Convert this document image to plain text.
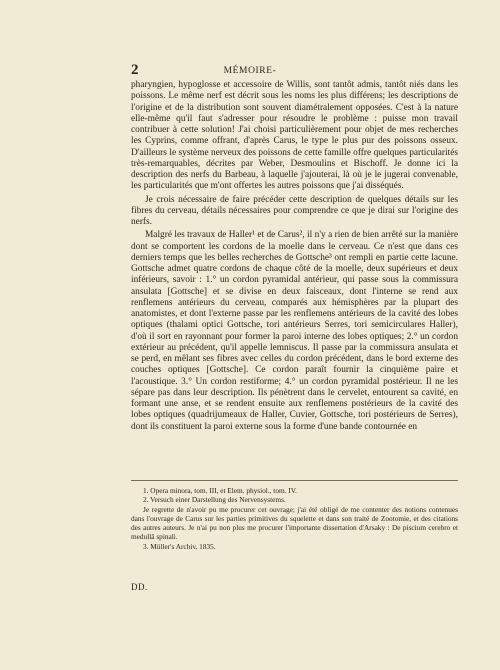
2	MÉMOIRE-

pharyngien, hypoglosse et accessoire de Willis, sont tantôt admis, tantôt niés dans les poissons. Le même nerf est décrit sous les noms les plus différens; les descriptions de l'origine et de la distribution sont souvent diamétralement opposées. C'est à la nature elle-même qu'il faut s'adresser pour résoudre le problème : puisse mon travail contribuer à cette solution! J'ai choisi particulièrement pour objet de mes recherches les Cyprins, comme offrant, d'après Carus, le type le plus pur des poissons osseux. D'ailleurs le système nerveux des poissons de cette famille offre quelques particularités très-remarquables, décrites par Weber, Desmoulins et Bischoff. Je donne ici la description des nerfs du Barbeau, à laquelle j'ajouterai, là où je le jugerai convenable, les particularités que m'ont offertes les autres poissons que j'ai disséqués.

Je crois nécessaire de faire précéder cette description de quelques détails sur les fibres du cerveau, détails nécessaires pour comprendre ce que je dirai sur l'origine des nerfs.

Malgré les travaux de Haller¹ et de Carus², il n'y a rien de bien arrêté sur la manière dont se comportent les cordons de la moelle dans le cerveau. Ce n'est que dans ces derniers temps que les belles recherches de Gottsche³ ont rempli en partie cette lacune. Gottsche admet quatre cordons de chaque côté de la moelle, deux supérieurs et deux inférieurs, savoir : 1.° un cordon pyramidal antérieur, qui passe sous la commissura ansulata [Gottsche] et se divise en deux faisceaux, dont l'interne se rend aux renflemens antérieurs du cerveau, comparés aux hémisphères par la plupart des anatomistes, et dont l'externe passe par les renflemens antérieurs de la cavité des lobes optiques (thalami optici Gottsche, tori antérieurs Serres, tori semicirculares Haller), d'où il sort en rayonnant pour former la paroi interne des lobes optiques; 2.° un cordon extérieur au précédent, qu'il appelle lemniscus. Il passe par la commissura ansulata et se perd, en mêlant ses fibres avec celles du cordon précédent, dans le bord externe des couches optiques [Gottsche]. Ce cordon paraît fournir la cinquième paire et l'acoustique. 3.° Un cordon restiforme; 4.° un cordon pyramidal postérieur. Il ne les sépare pas dans leur description. Ils pénètrent dans le cervelet, entourent sa cavité, en formant une anse, et se rendent ensuite aux renflemens postérieurs de la cavité des lobes optiques (quadrijumeaux de Haller, Cuvier, Gottsche, tori postérieurs de Serres), dont ils constituent la paroi externe sous la forme d'une bande contournée en

1. Opera minora, tom. III, et Elem. physiol., tom. IV.
2. Versuch einer Darstellung des Nervensystems.
Je regrette de n'avoir pu me procurer cet ouvrage; j'ai été obligé de me contenter des notions contenues dans l'ouvrage de Carus sur les parties primitives du squelette et dans son traité de Zootomie, et des citations des autres auteurs. Je n'ai pu non plus me procurer l'importante dissertation d'Arsaky : De piscium cerebro et medullâ spinali.
3. Müller's Archiv, 1835.
DD.
